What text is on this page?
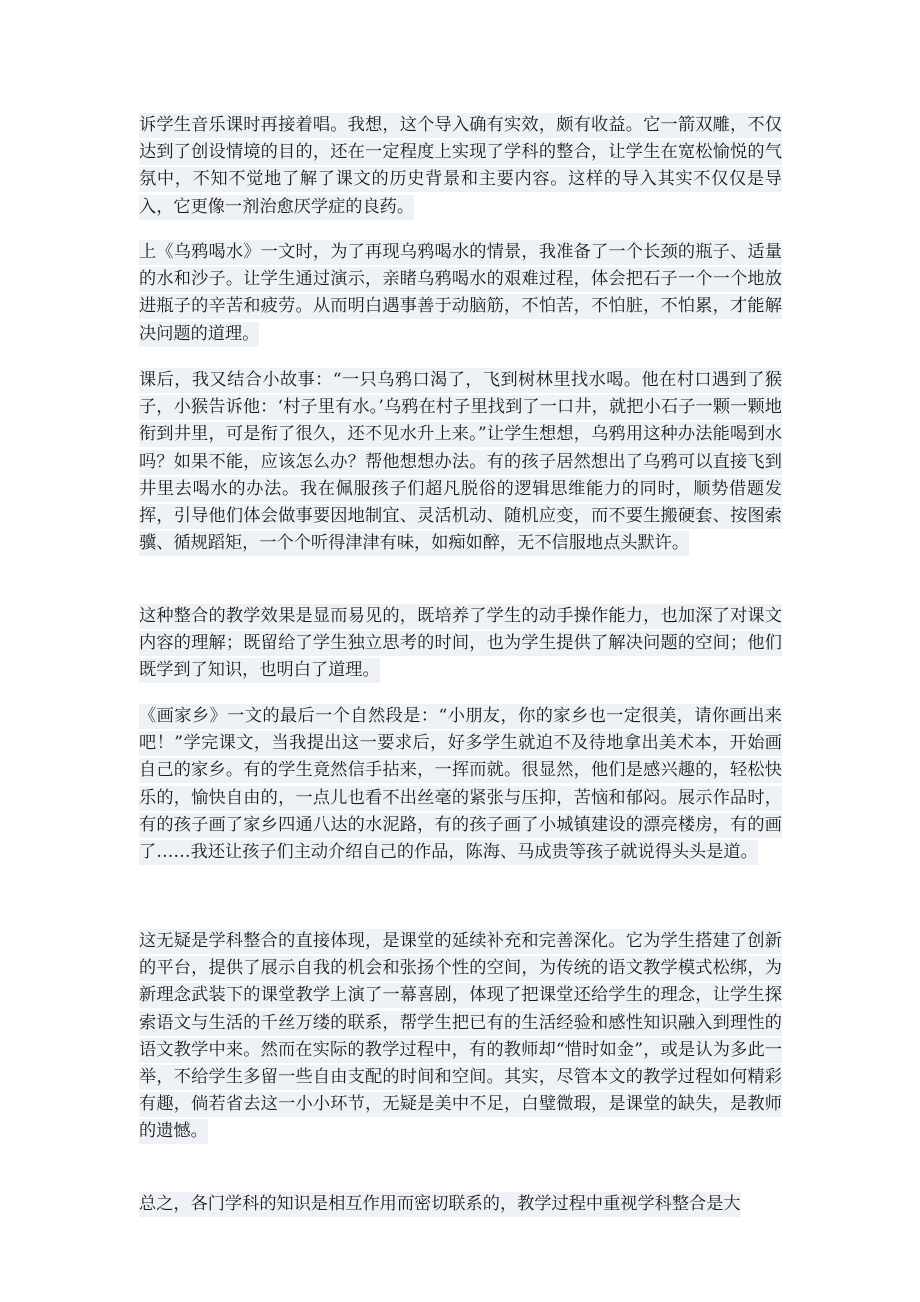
诉学生音乐课时再接着唱。我想，这个导入确有实效，颇有收益。它一箭双雕，不仅达到了创设情境的目的，还在一定程度上实现了学科的整合，让学生在宽松愉悦的气氛中，不知不觉地了解了课文的历史背景和主要内容。这样的导入其实不仅仅是导入，它更像一剂治愈厌学症的良药。

上《乌鸦喝水》一文时，为了再现乌鸦喝水的情景，我准备了一个长颈的瓶子、适量的水和沙子。让学生通过演示，亲睹乌鸦喝水的艰难过程，体会把石子一个一个地放进瓶子的辛苦和疲劳。从而明白遇事善于动脑筋，不怕苦，不怕脏，不怕累，才能解决问题的道理。

课后，我又结合小故事：“一只乌鸦口渴了，飞到树林里找水喝。他在村口遇到了猴子，小猴告诉他：‘村子里有水。’乌鸦在村子里找到了一口井，就把小石子一颗一颗地衔到井里，可是衔了很久，还不见水升上来。”让学生想想，乌鸦用这种办法能喝到水吗？如果不能，应该怎么办？帮他想想办法。有的孩子居然想出了乌鸦可以直接飞到井里去喝水的办法。我在佩服孩子们超凡脱俗的逻辑思维能力的同时，顺势借题发挥，引导他们体会做事要因地制宜、灵活机动、随机应变，而不要生搬硬套、按图索骥、循规蹈矩，一个个听得津津有味，如痴如醉，无不信服地点头默许。

这种整合的教学效果是显而易见的，既培养了学生的动手操作能力，也加深了对课文内容的理解；既留给了学生独立思考的时间，也为学生提供了解决问题的空间；他们既学到了知识，也明白了道理。

《画家乡》一文的最后一个自然段是：“小朋友，你的家乡也一定很美，请你画出来吧！”学完课文，当我提出这一要求后，好多学生就迫不及待地拿出美术本，开始画自己的家乡。有的学生竟然信手拈来，一挥而就。很显然，他们是感兴趣的，轻松快乐的，愉快自由的，一点儿也看不出丝毫的紧张与压抑，苦恼和郁闷。展示作品时，有的孩子画了家乡四通八达的水泥路，有的孩子画了小城镇建设的漂亮楼房，有的画了……我还让孩子们主动介绍自己的作品，陈海、马成贵等孩子就说得头头是道。

这无疑是学科整合的直接体现，是课堂的延续补充和完善深化。它为学生搭建了创新的平台，提供了展示自我的机会和张扬个性的空间，为传统的语文教学模式松绑，为新理念武装下的课堂教学上演了一幕喜剧，体现了把课堂还给学生的理念，让学生探索语文与生活的千丝万缕的联系，帮学生把已有的生活经验和感性知识融入到理性的语文教学中来。然而在实际的教学过程中，有的教师却“惜时如金”，或是认为多此一举，不给学生多留一些自由支配的时间和空间。其实，尽管本文的教学过程如何精彩有趣，倘若省去这一小小环节，无疑是美中不足，白璧微瑕，是课堂的缺失，是教师的遗憾。

总之，各门学科的知识是相互作用而密切联系的，教学过程中重视学科整合是大
